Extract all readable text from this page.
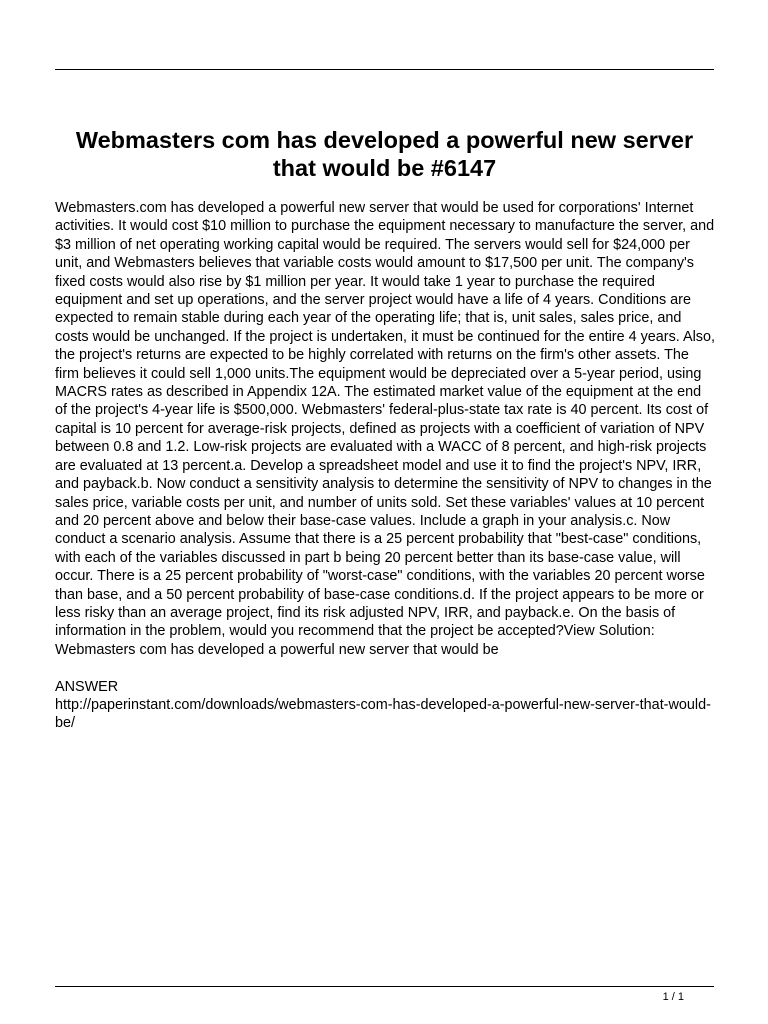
Webmasters com has developed a powerful new server that would be #6147

Webmasters.com has developed a powerful new server that would be used for corporations' Internet activities. It would cost $10 million to purchase the equipment necessary to manufacture the server, and $3 million of net operating working capital would be required. The servers would sell for $24,000 per unit, and Webmasters believes that variable costs would amount to $17,500 per unit. The company's fixed costs would also rise by $1 million per year. It would take 1 year to purchase the required equipment and set up operations, and the server project would have a life of 4 years. Conditions are expected to remain stable during each year of the operating life; that is, unit sales, sales price, and costs would be unchanged. If the project is undertaken, it must be continued for the entire 4 years. Also, the project's returns are expected to be highly correlated with returns on the firm's other assets. The firm believes it could sell 1,000 units.The equipment would be depreciated over a 5-year period, using MACRS rates as described in Appendix 12A. The estimated market value of the equipment at the end of the project's 4-year life is $500,000. Webmasters' federal-plus-state tax rate is 40 percent. Its cost of capital is 10 percent for average-risk projects, defined as projects with a coefficient of variation of NPV between 0.8 and 1.2. Low-risk projects are evaluated with a WACC of 8 percent, and high-risk projects are evaluated at 13 percent.a. Develop a spreadsheet model and use it to find the project's NPV, IRR, and payback.b. Now conduct a sensitivity analysis to determine the sensitivity of NPV to changes in the sales price, variable costs per unit, and number of units sold. Set these variables' values at 10 percent and 20 percent above and below their base-case values. Include a graph in your analysis.c. Now conduct a scenario analysis. Assume that there is a 25 percent probability that "best-case" conditions, with each of the variables discussed in part b being 20 percent better than its base-case value, will occur. There is a 25 percent probability of "worst-case" conditions, with the variables 20 percent worse than base, and a 50 percent probability of base-case conditions.d. If the project appears to be more or less risky than an average project, find its risk adjusted NPV, IRR, and payback.e. On the basis of information in the problem, would you recommend that the project be accepted?View Solution:

Webmasters com has developed a powerful new server that would be

ANSWER

http://paperinstant.com/downloads/webmasters-com-has-developed-a-powerful-new-server-that-would-be/

1 / 1
